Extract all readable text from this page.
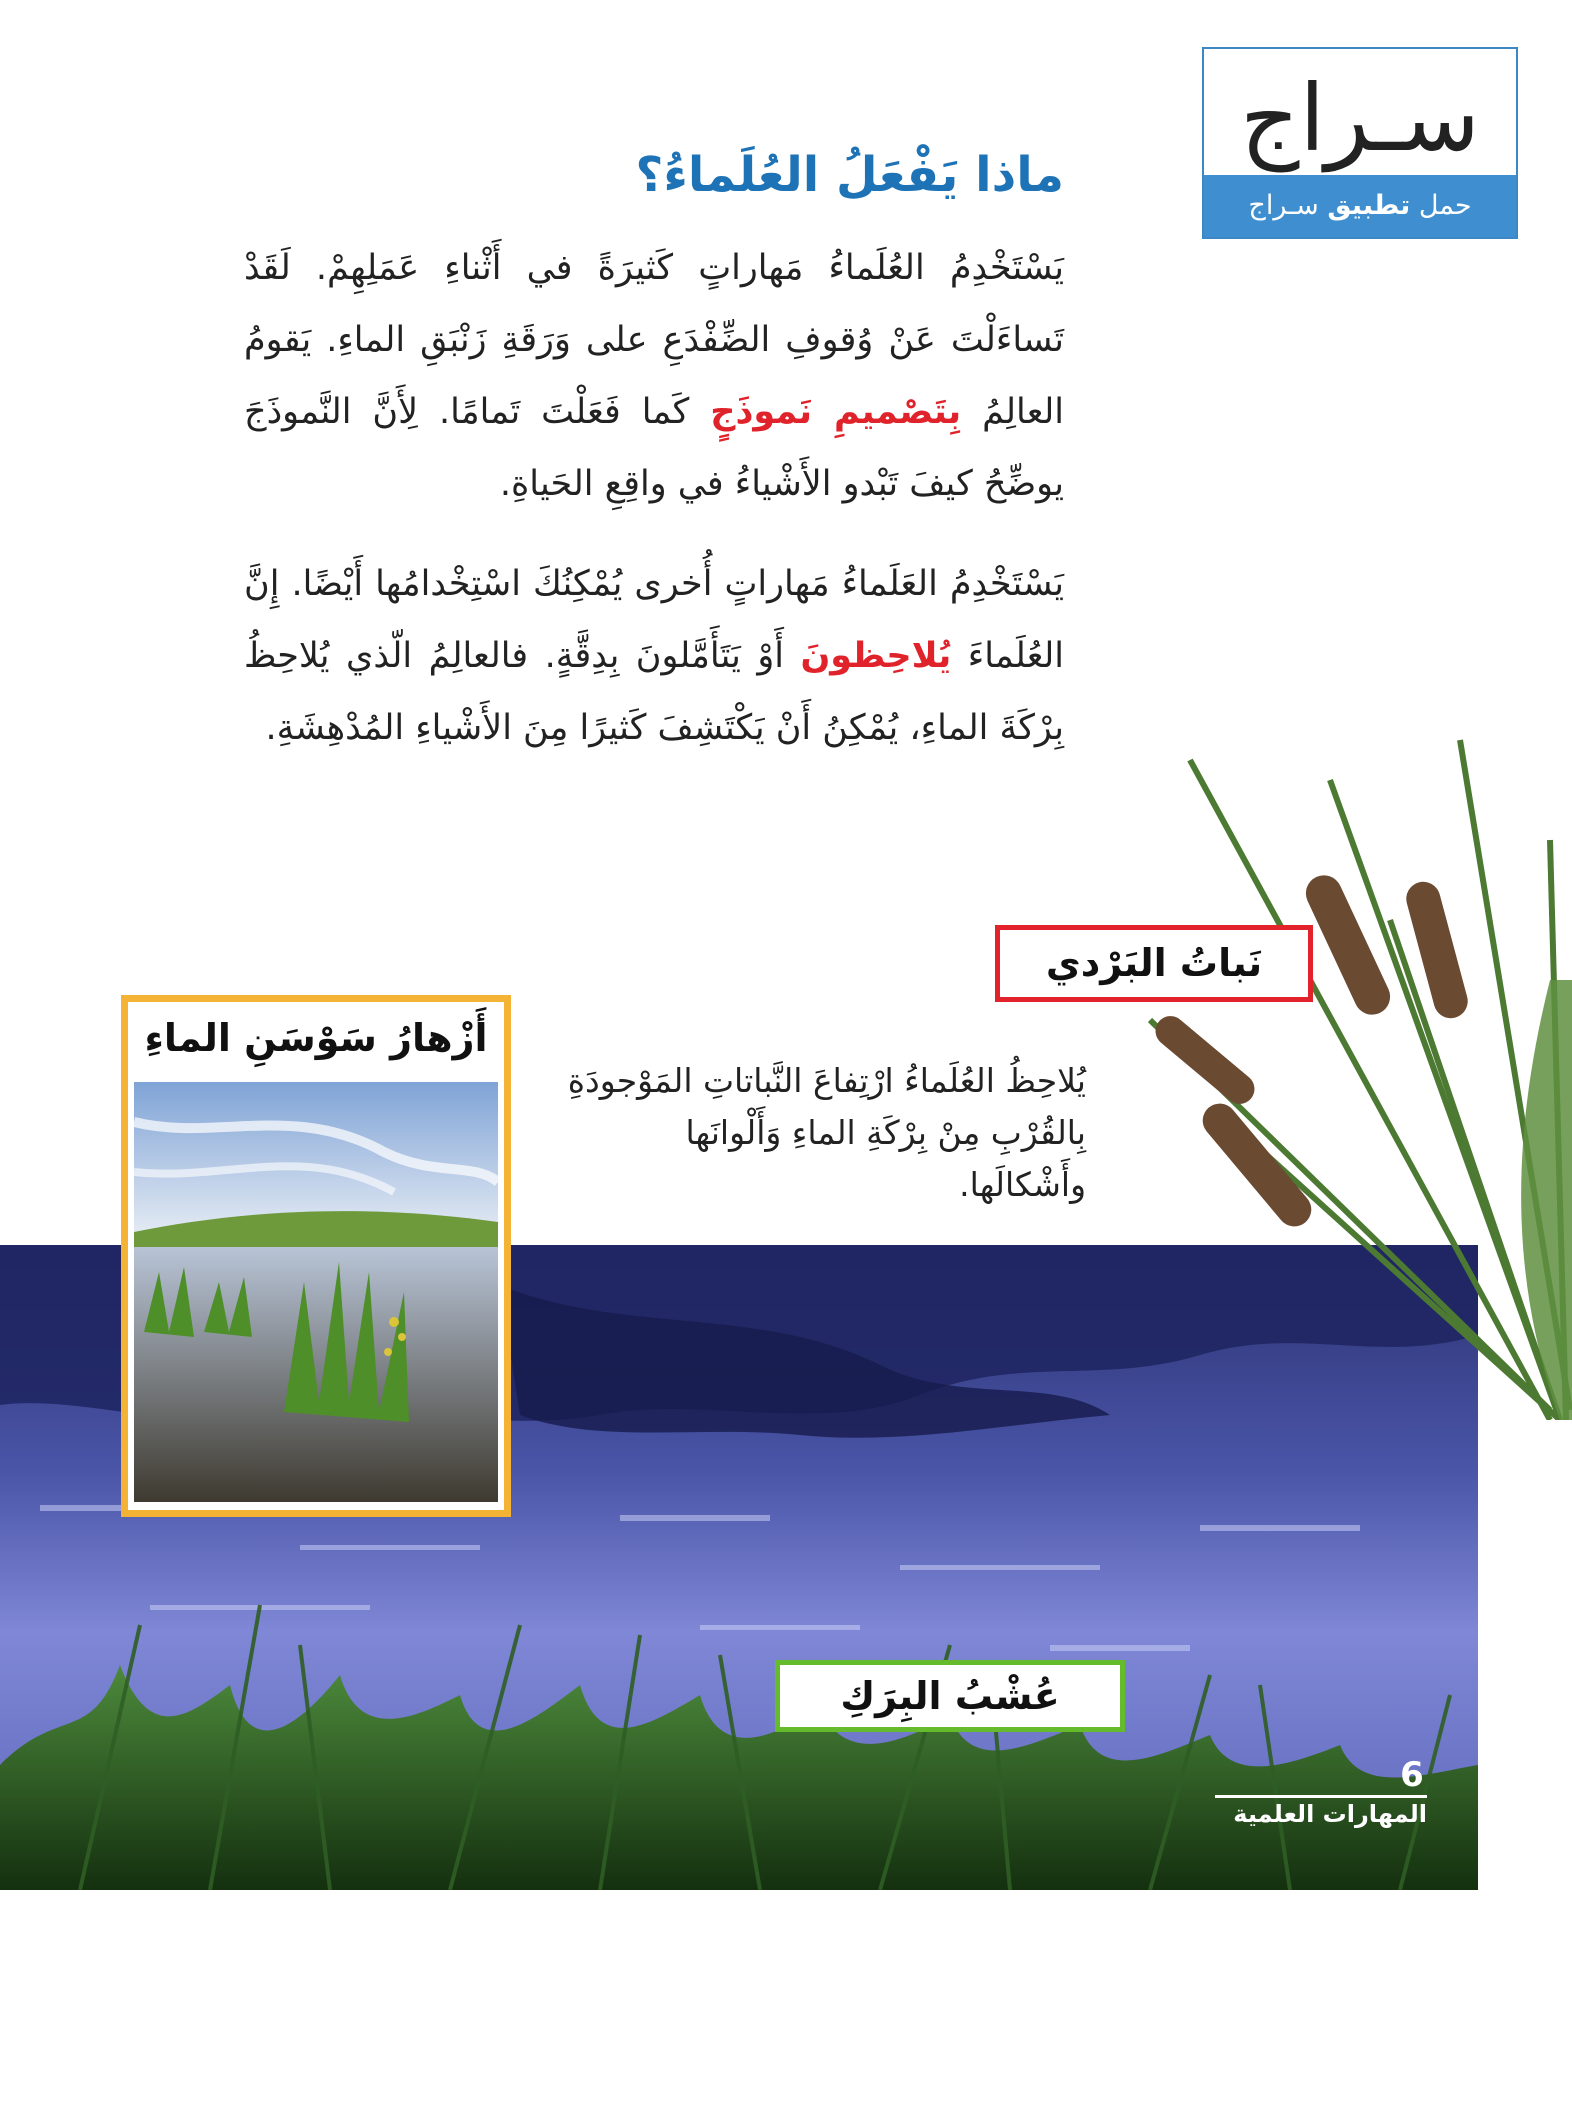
سـراج
حمل تطبيق سـراج
ماذا يَفْعَلُ العُلَماءُ؟
يَسْتَخْدِمُ العُلَماءُ مَهاراتٍ كَثيرَةً في أَثْناءِ عَمَلِهِمْ. لَقَدْ تَساءَلْتَ عَنْ وُقوفِ الضِّفْدَعِ على وَرَقَةِ زَنْبَقِ الماءِ. يَقومُ العالِمُ بِتَصْميمِ نَموذَجٍ كَما فَعَلْتَ تَمامًا. لِأَنَّ النَّموذَجَ يوضِّحُ كيفَ تَبْدو الأَشْياءُ في واقِعِ الحَياةِ.
يَسْتَخْدِمُ العَلَماءُ مَهاراتٍ أُخرى يُمْكِنُكَ اسْتِخْدامُها أَيْضًا. إِنَّ العُلَماءَ يُلاحِظونَ أَوْ يَتَأَمَّلونَ بِدِقَّةٍ. فالعالِمُ الّذي يُلاحِظُ بِرْكَةَ الماءِ، يُمْكِنُ أَنْ يَكْتَشِفَ كَثيرًا مِنَ الأَشْياءِ المُدْهِشَةِ.
نَباتُ البَرْدي
يُلاحِظُ العُلَماءُ ارْتِفاعَ النَّباتاتِ المَوْجودَةِ بِالقُرْبِ مِنْ بِرْكَةِ الماءِ وَأَلْوانَها وأَشْكالَها.
أَزْهارُ سَوْسَنِ الماءِ
عُشْبُ البِرَكِ
6
المهارات العلمية
